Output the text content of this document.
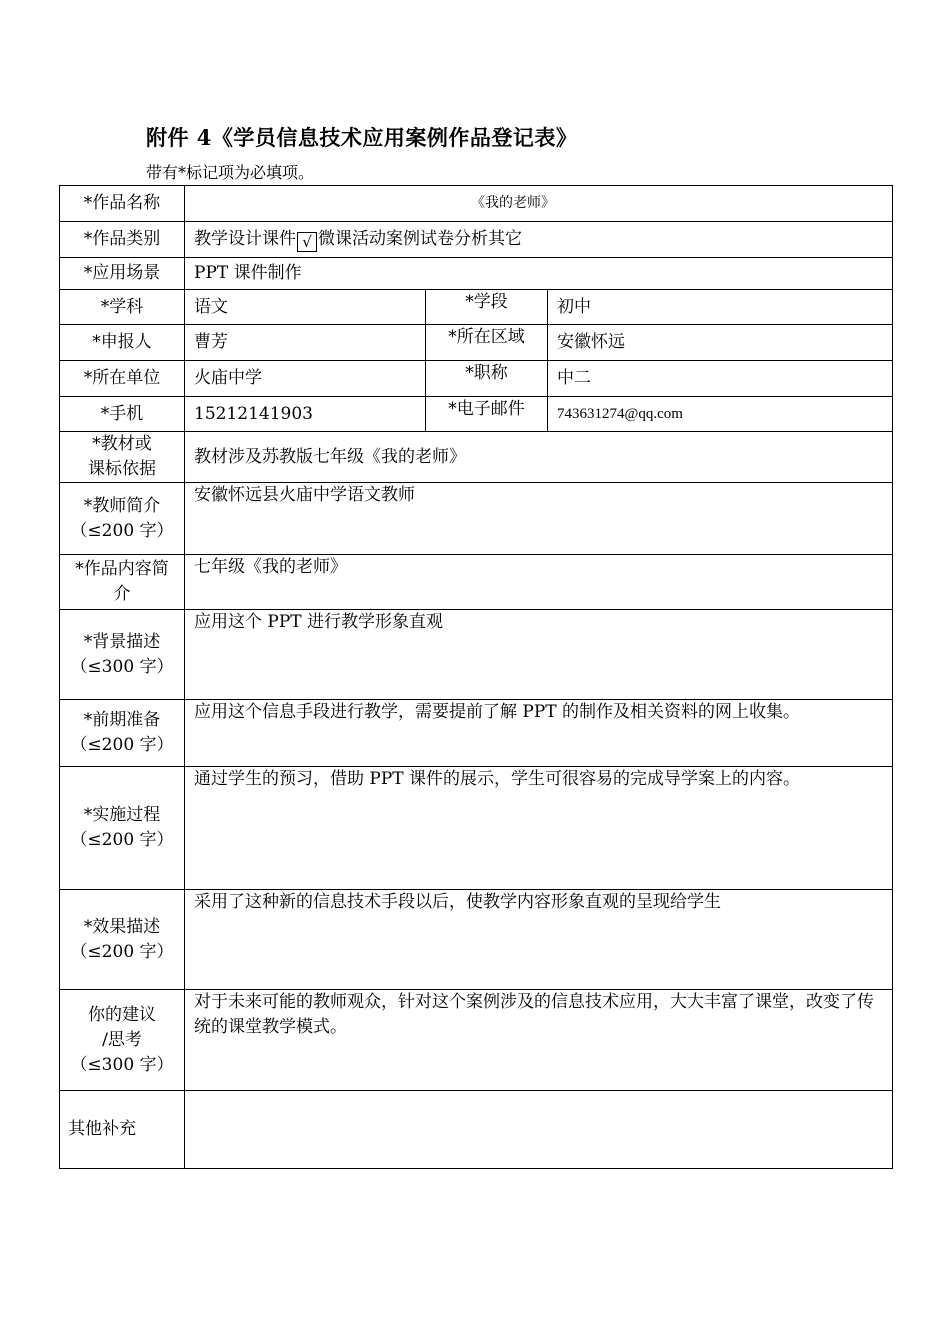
附件 4《学员信息技术应用案例作品登记表》
带有*标记项为必填项。
*作品名称	《我的老师》		
*作品类别	教学设计课件 √ 微课活动案例试卷分析其它		
*应用场景	PPT 课件制作		
*学科	语文	*学段	初中
*申报人	曹芳	*所在区域	安徽怀远
*所在单位	火庙中学	*职称	中二
*手机	15212141903	*电子邮件	743631274@qq.com

*教材或
课标依据	教材涉及苏教版七年级《我的老师》		

*教师简介
（≤200 字）	安徽怀远县火庙中学语文教师		

*作品内容简
介	七年级《我的老师》		

*背景描述
（≤300 字）	应用这个 PPT 进行教学形象直观		

*前期准备
（≤200 字）	应用这个信息手段进行教学，需要提前了解 PPT 的制作及相关资料的网上收集。		

*实施过程
（≤200 字）	通过学生的预习，借助 PPT 课件的展示，学生可很容易的完成导学案上的内容。		

*效果描述
（≤200 字）	采用了这种新的信息技术手段以后，使教学内容形象直观的呈现给学生		

你的建议
/思考
（≤300 字）	对于未来可能的教师观众，针对这个案例涉及的信息技术应用，大大丰富了课堂，改变了传统的课堂教学模式。		
其他补充			
